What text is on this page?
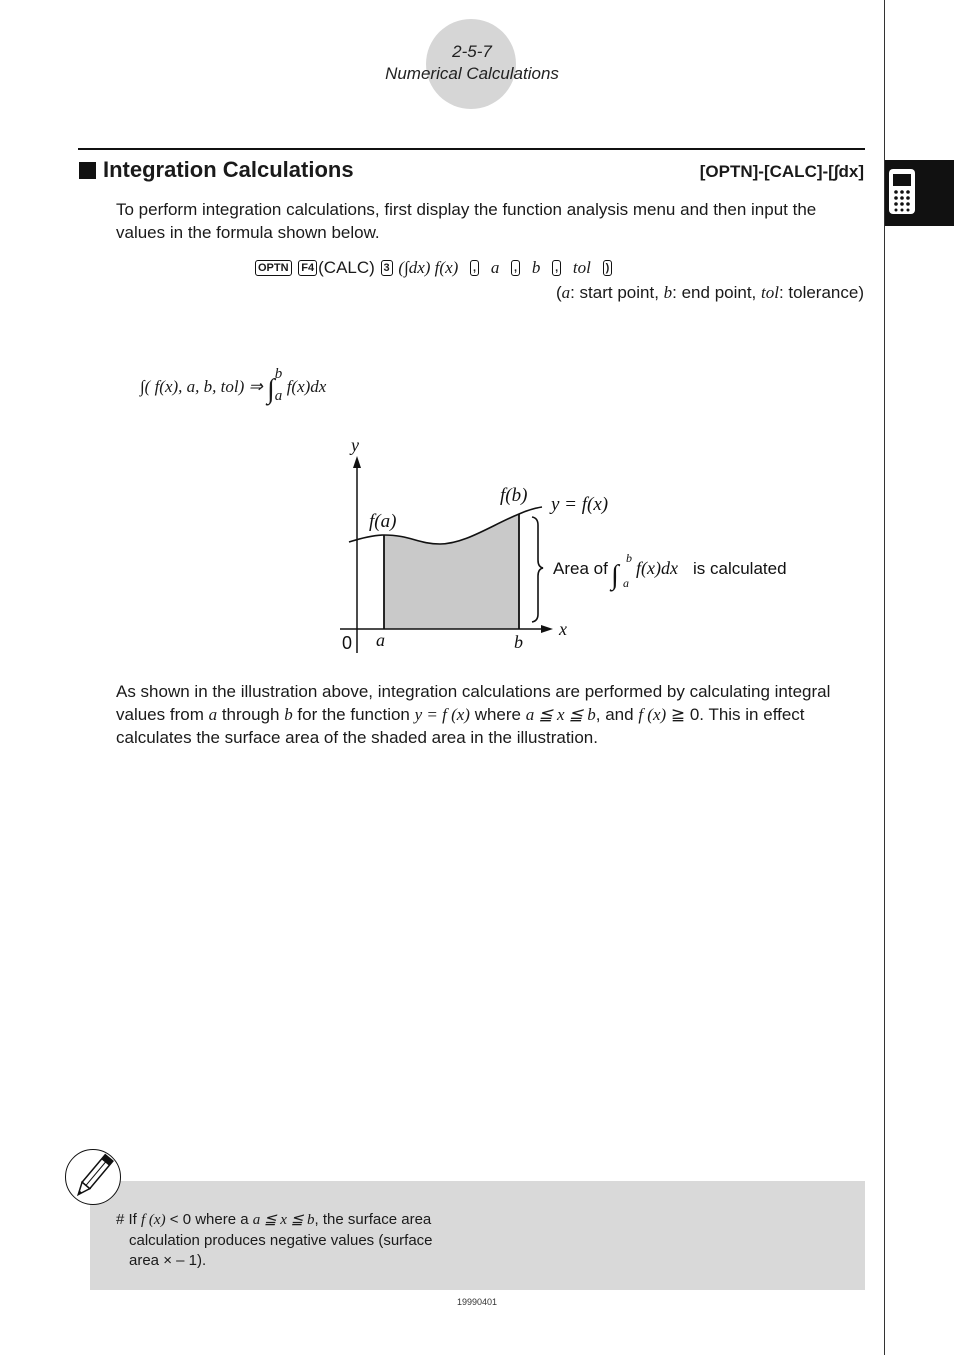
2-5-7
Numerical Calculations
Integration Calculations	[OPTN]-[CALC]-[∫dx]
To perform integration calculations, first display the function analysis menu and then input the values in the formula shown below.
OPTN F4 (CALC) 3 (∫dx) f(x) , a , b , tol )
(a: start point, b: end point, tol: tolerance)
∫( f(x), a, b, tol) ⇒ ∫ b
a f(x)dx
y
x
0 a	b
f(a)
f(b) y = f(x)
Area of ∫
b
a
f(x)dx is calculated
As shown in the illustration above, integration calculations are performed by calculating integral values from a through b for the function y = f (x) where a ≦ x ≦ b, and f (x) ≧ 0. This in effect calculates the surface area of the shaded area in the illustration.
# If f (x) < 0 where a a ≦ x ≦ b, the surface area
calculation produces negative values (surface
area × – 1).
19990401
